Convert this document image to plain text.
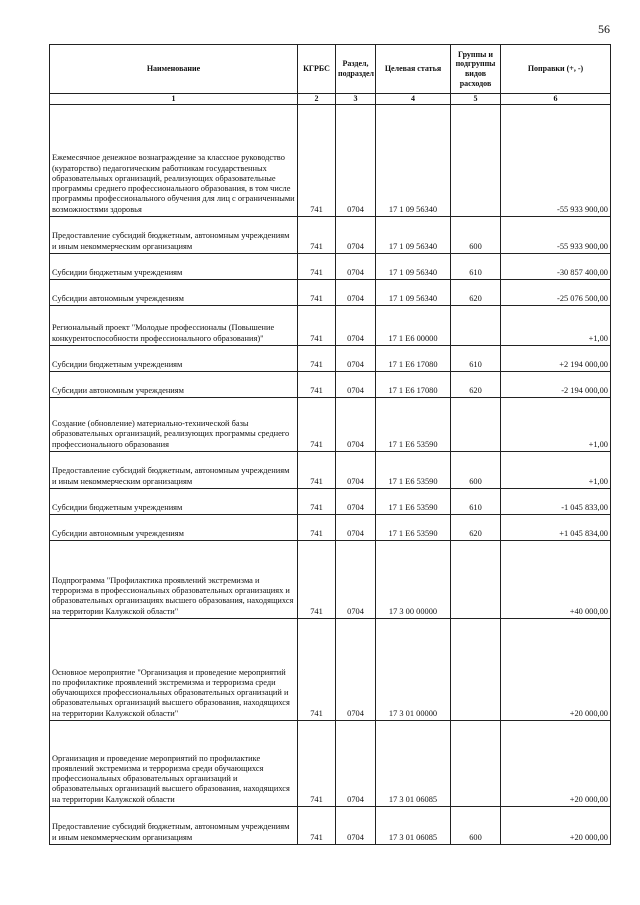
56
Наименование	КГРБС	Раздел, подраздел	Целевая статья	Группы и подгруппы видов расходов	Поправки (+, -)
1	2	3	4	5	6
Ежемесячное денежное вознаграждение за классное руководство (кураторство) педагогическим работникам государственных образовательных организаций, реализующих образовательные программы среднего профессионального образования, в том числе программы профессионального обучения для лиц с ограниченными возможностями здоровья	741	0704	17 1 09 56340		-55 933 900,00
Предоставление субсидий бюджетным, автономным учреждениям и иным некоммерческим организациям	741	0704	17 1 09 56340	600	-55 933 900,00
Субсидии бюджетным учреждениям	741	0704	17 1 09 56340	610	-30 857 400,00
Субсидии автономным учреждениям	741	0704	17 1 09 56340	620	-25 076 500,00
Региональный проект "Молодые профессионалы (Повышение конкурентоспособности профессионального образования)"	741	0704	17 1 Е6 00000		+1,00
Субсидии бюджетным учреждениям	741	0704	17 1 Е6 17080	610	+2 194 000,00
Субсидии автономным учреждениям	741	0704	17 1 Е6 17080	620	-2 194 000,00
Создание (обновление) материально-технической базы образовательных организаций, реализующих программы среднего профессионального образования	741	0704	17 1 Е6 53590		+1,00
Предоставление субсидий бюджетным, автономным учреждениям и иным некоммерческим организациям	741	0704	17 1 Е6 53590	600	+1,00
Субсидии бюджетным учреждениям	741	0704	17 1 Е6 53590	610	-1 045 833,00
Субсидии автономным учреждениям	741	0704	17 1 Е6 53590	620	+1 045 834,00
Подпрограмма "Профилактика проявлений экстремизма и терроризма в профессиональных образовательных организациях и образовательных организациях высшего образования, находящихся на территории Калужской области"	741	0704	17 3 00 00000		+40 000,00
Основное мероприятие "Организация и проведение мероприятий по профилактике проявлений экстремизма и терроризма среди обучающихся профессиональных образовательных организаций и образовательных организаций высшего образования, находящихся на территории Калужской области"	741	0704	17 3 01 00000		+20 000,00
Организация и проведение мероприятий по профилактике проявлений экстремизма и терроризма среди обучающихся профессиональных образовательных организаций и образовательных организаций высшего образования, находящихся на территории Калужской области	741	0704	17 3 01 06085		+20 000,00
Предоставление субсидий бюджетным, автономным учреждениям и иным некоммерческим организациям	741	0704	17 3 01 06085	600	+20 000,00
